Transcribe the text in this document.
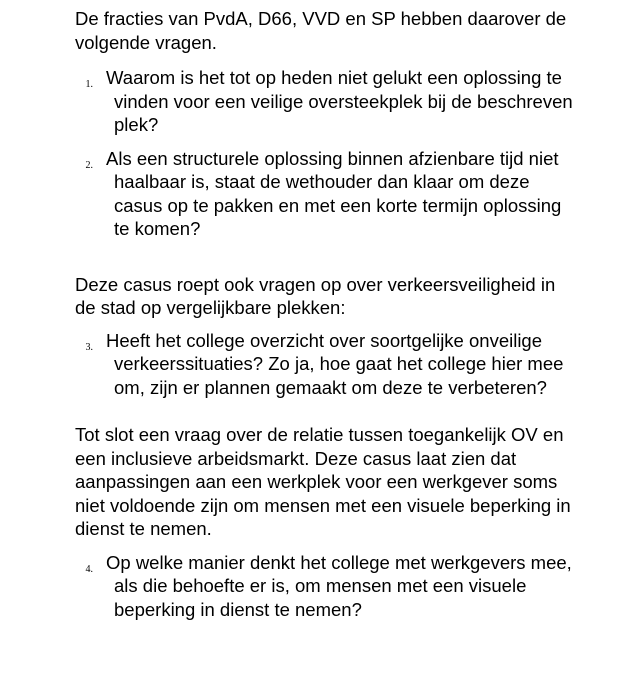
De fracties van PvdA, D66, VVD en SP hebben daarover de volgende vragen.

1. Waarom is het tot op heden niet gelukt een oplossing te vinden voor een veilige oversteekplek bij de beschreven plek?
2. Als een structurele oplossing binnen afzienbare tijd niet haalbaar is, staat de wethouder dan klaar om deze casus op te pakken en met een korte termijn oplossing te komen?

Deze casus roept ook vragen op over verkeersveiligheid in de stad op vergelijkbare plekken:

3. Heeft het college overzicht over soortgelijke onveilige verkeerssituaties? Zo ja, hoe gaat het college hier mee om, zijn er plannen gemaakt om deze te verbeteren?

Tot slot een vraag over de relatie tussen toegankelijk OV en een inclusieve arbeidsmarkt. Deze casus laat zien dat aanpassingen aan een werkplek voor een werkgever soms niet voldoende zijn om mensen met een visuele beperking in dienst te nemen.

4. Op welke manier denkt het college met werkgevers mee, als die behoefte er is, om mensen met een visuele beperking in dienst te nemen?
